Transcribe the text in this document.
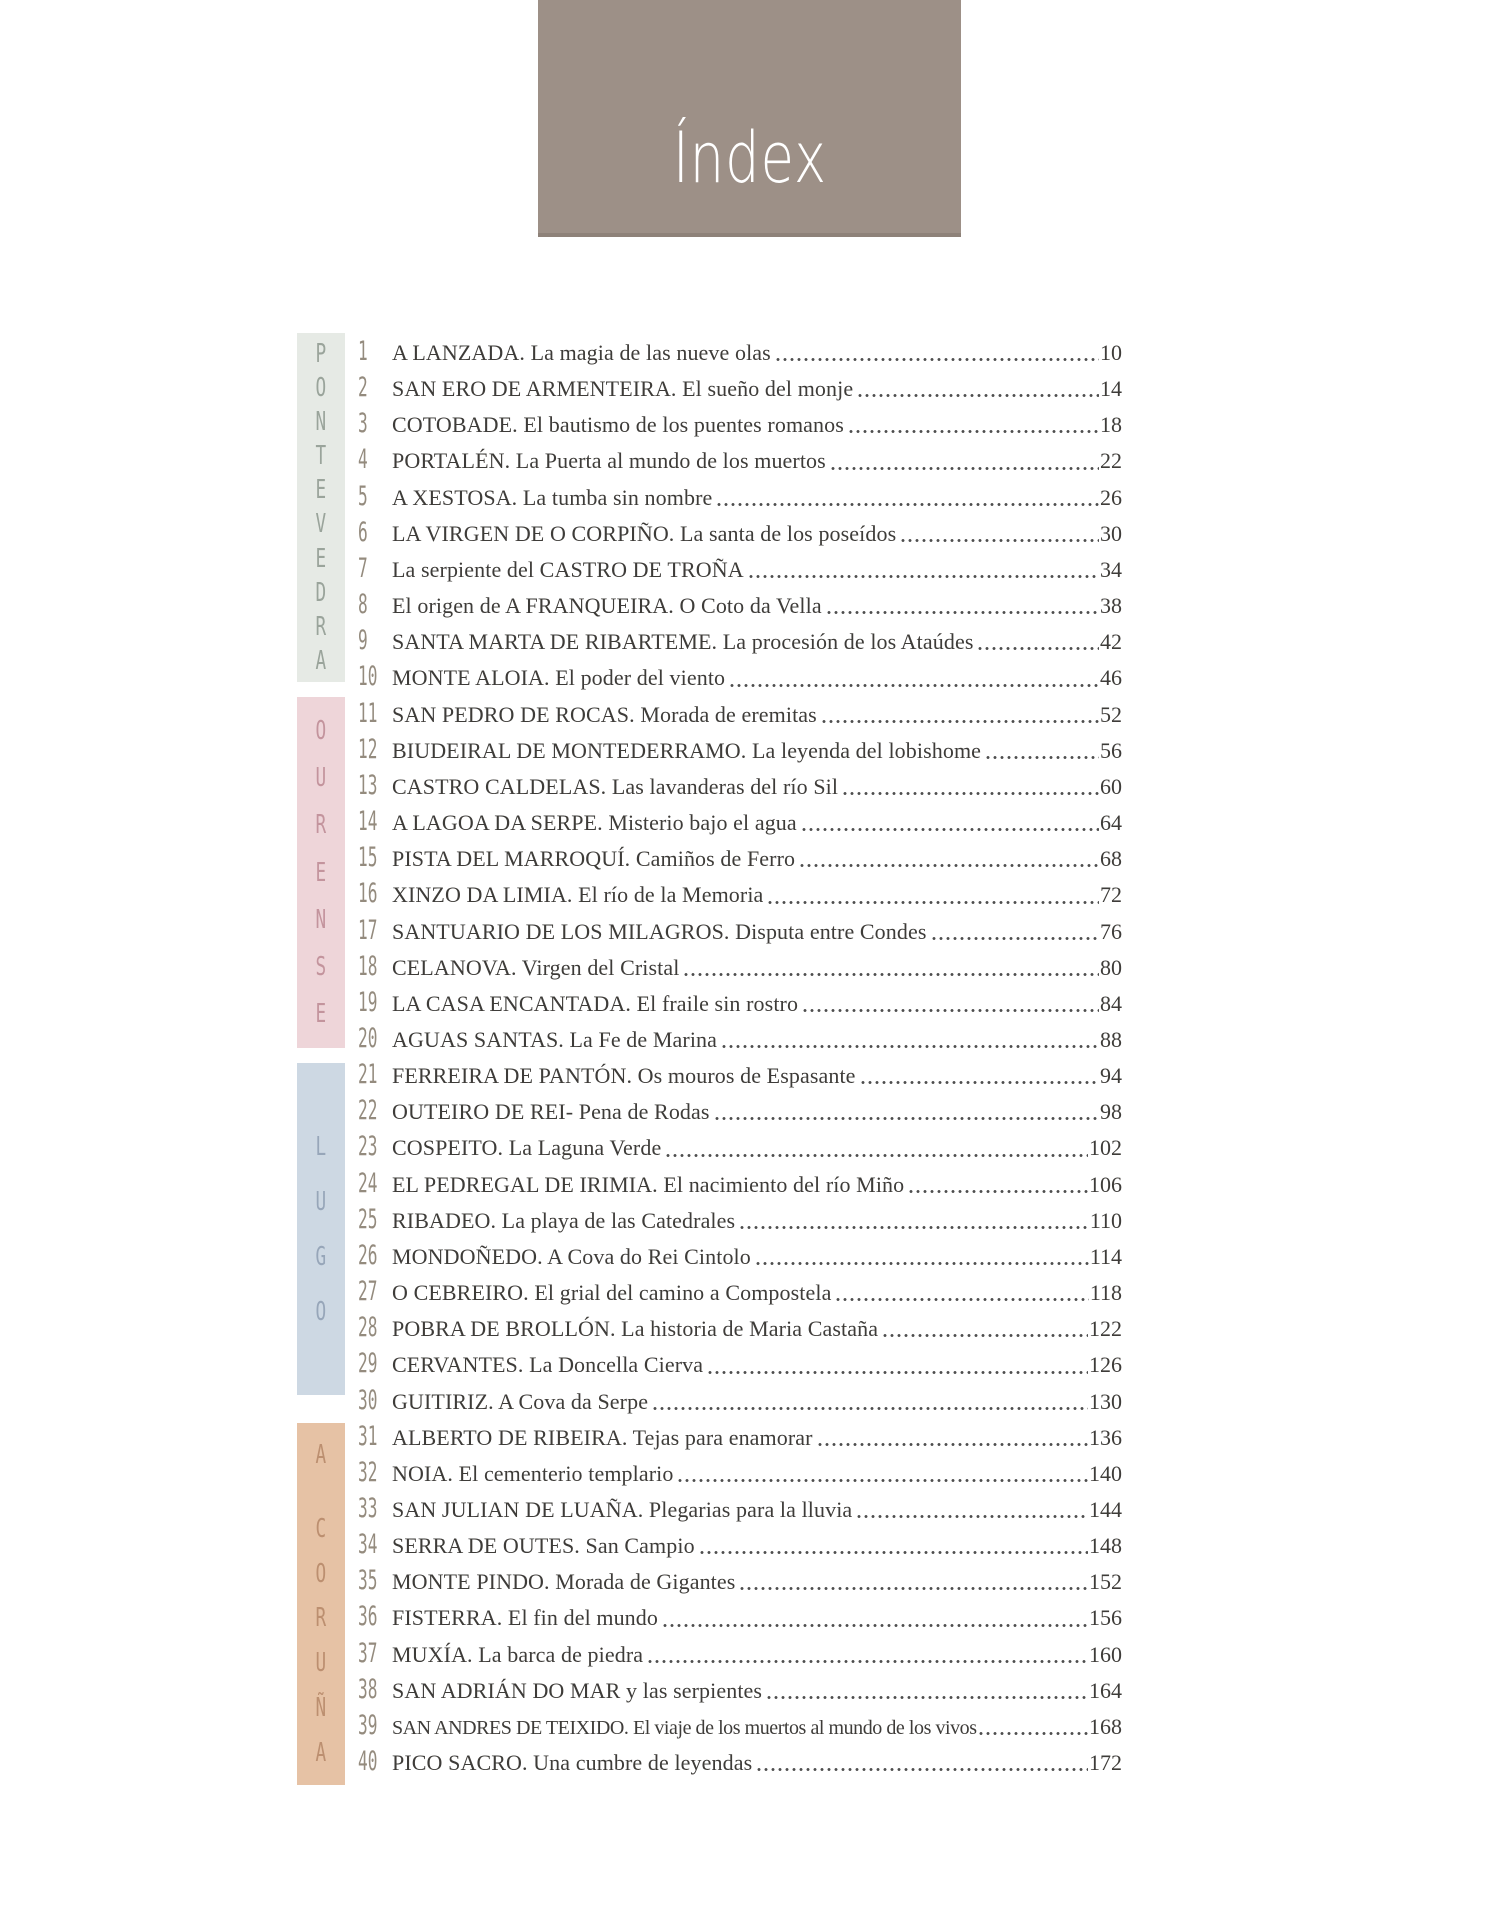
Índex
P
O
N
T
E
V
E
D
R
A
O
U
R
E
N
S
E
L
U
G
O
A
C
O
R
U
Ñ
A
1	A LANZADA. La magia de las nueve olas	10
2	SAN ERO DE ARMENTEIRA. El sueño del monje	14
3	COTOBADE. El bautismo de los puentes romanos	18
4	PORTALÉN. La Puerta al mundo de los muertos	22
5	A XESTOSA. La tumba sin nombre	26
6	LA VIRGEN DE O CORPIÑO. La santa de los poseídos	30
7	La serpiente del CASTRO DE TROÑA	34
8	El origen de A FRANQUEIRA. O Coto da Vella	38
9	SANTA MARTA DE RIBARTEME. La procesión de los Ataúdes	42
10 MONTE ALOIA. El poder del viento	46
11 SAN PEDRO DE ROCAS. Morada de eremitas	52
12 BIUDEIRAL DE MONTEDERRAMO. La leyenda del lobishome	56
13 CASTRO CALDELAS. Las lavanderas del río Sil	60
14 A LAGOA DA SERPE. Misterio bajo el agua	64
15 PISTA DEL MARROQUÍ. Camiños de Ferro	68
16 XINZO DA LIMIA. El río de la Memoria	72
17 SANTUARIO DE LOS MILAGROS. Disputa entre Condes	76
18 CELANOVA. Virgen del Cristal	80
19 LA CASA ENCANTADA. El fraile sin rostro	84
20 AGUAS SANTAS. La Fe de Marina	88
21 FERREIRA DE PANTÓN. Os mouros de Espasante	94
22 OUTEIRO DE REI- Pena de Rodas	98
23 COSPEITO. La Laguna Verde	102
24 EL PEDREGAL DE IRIMIA. El nacimiento del río Miño	106
25 RIBADEO. La playa de las Catedrales	110
26 MONDOÑEDO. A Cova do Rei Cintolo	114
27 O CEBREIRO. El grial del camino a Compostela	118
28 POBRA DE BROLLÓN. La historia de Maria Castaña	122
29 CERVANTES. La Doncella Cierva	126
30 GUITIRIZ. A Cova da Serpe	130
31 ALBERTO DE RIBEIRA. Tejas para enamorar	136
32 NOIA. El cementerio templario	140
33 SAN JULIAN DE LUAÑA. Plegarias para la lluvia	144
34 SERRA DE OUTES. San Campio	148
35 MONTE PINDO. Morada de Gigantes	152
36 FISTERRA. El fin del mundo	156
37 MUXÍA. La barca de piedra	160
38 SAN ADRIÁN DO MAR y las serpientes	164
39 SAN ANDRES DE TEIXIDO. El viaje de los muertos al mundo de los vivos	168
40 PICO SACRO. Una cumbre de leyendas	172
